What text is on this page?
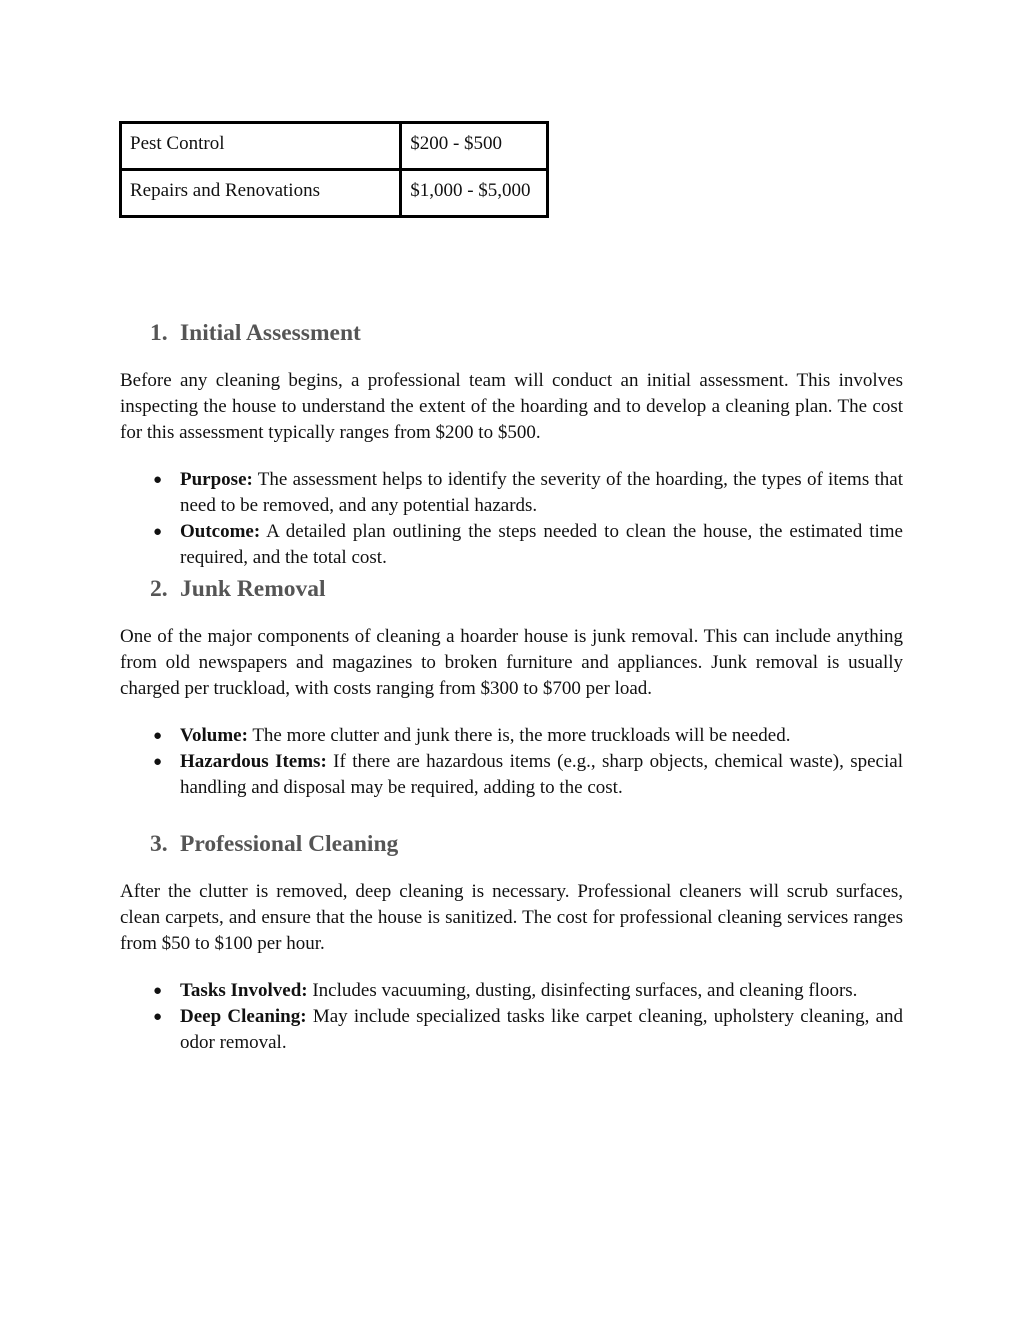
Pest Control	$200 - $500
Repairs and Renovations	$1,000 - $5,000
1. Initial Assessment

Before any cleaning begins, a professional team will conduct an initial assessment. This involves inspecting the house to understand the extent of the hoarding and to develop a cleaning plan. The cost for this assessment typically ranges from $200 to $500.

● Purpose: The assessment helps to identify the severity of the hoarding, the types of items that need to be removed, and any potential hazards.
● Outcome: A detailed plan outlining the steps needed to clean the house, the estimated time required, and the total cost.
2. Junk Removal

One of the major components of cleaning a hoarder house is junk removal. This can include anything from old newspapers and magazines to broken furniture and appliances. Junk removal is usually charged per truckload, with costs ranging from $300 to $700 per load.

● Volume: The more clutter and junk there is, the more truckloads will be needed.
● Hazardous Items: If there are hazardous items (e.g., sharp objects, chemical waste), special handling and disposal may be required, adding to the cost.
3. Professional Cleaning

After the clutter is removed, deep cleaning is necessary. Professional cleaners will scrub surfaces, clean carpets, and ensure that the house is sanitized. The cost for professional cleaning services ranges from $50 to $100 per hour.

● Tasks Involved: Includes vacuuming, dusting, disinfecting surfaces, and cleaning floors.
● Deep Cleaning: May include specialized tasks like carpet cleaning, upholstery cleaning, and odor removal.
